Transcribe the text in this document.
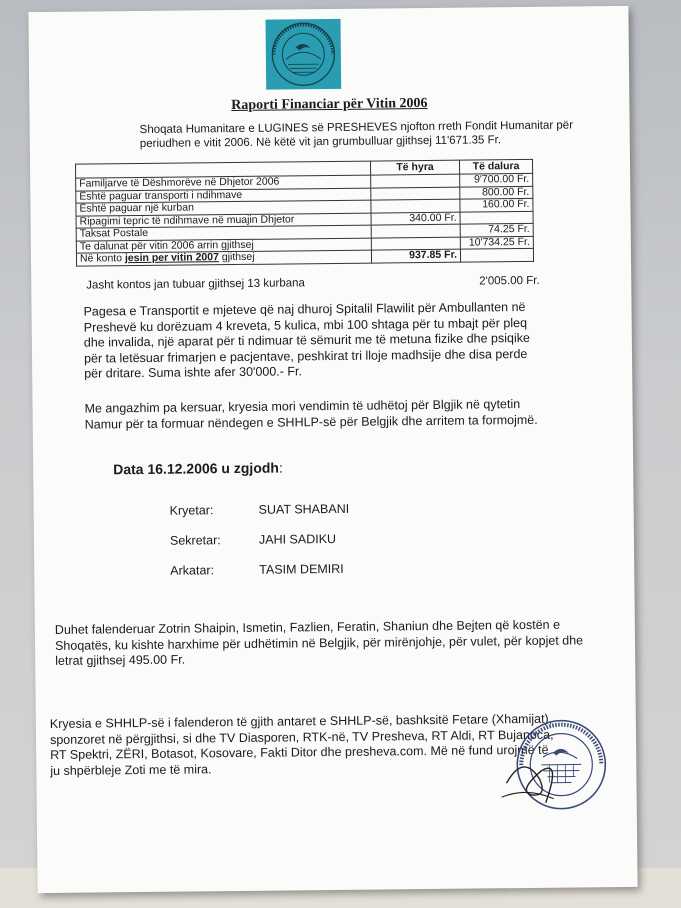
Raporti Financiar për Vitin 2006
Shoqata Humanitare e LUGINES së PRESHEVES njofton rreth Fondit Humanitar për periudhen e vitit 2006. Në këtë vit jan grumbulluar gjithsej 11'671.35 Fr.
	Të hyra	Të dalura
Familjarve të Dëshmorëve në Dhjetor 2006		9'700.00 Fr.
Është paguar transporti i ndihmave		800.00 Fr.
Është paguar një kurban		160.00 Fr.
Ripagimi tepric të ndihmave në muajin Dhjetor	340.00 Fr.	
Taksat Postale		74.25 Fr.
Te dalunat për vitin 2006 arrin gjithsej		10'734.25 Fr.
Në konto jesin per vitin 2007 gjithsej	937.85 Fr.	
Jasht kontos jan tubuar gjithsej 13 kurbana	2'005.00 Fr.
Pagesa e Transportit e mjeteve që naj dhuroj Spitalil Flawilit për Ambullanten në Preshevë ku dorëzuam 4 kreveta, 5 kulica, mbi 100 shtaga për tu mbajt për pleq dhe invalida, një aparat për ti ndimuar të sëmurit me të metuna fizike dhe psiqike për ta letësuar frimarjen e pacjentave, peshkirat tri lloje madhsije dhe disa perde për dritare. Suma ishte afer 30'000.- Fr.
Me angazhim pa kersuar, kryesia mori vendimin të udhëtoj për Blgjik në qytetin Namur për ta formuar nëndegen e SHHLP-së për Belgjik dhe arritem ta formojmë.
Data 16.12.2006 u zgjodh:
Kryetar:	SUAT SHABANI
Sekretar:	JAHI SADIKU
Arkatar:	TASIM DEMIRI
Duhet falenderuar Zotrin Shaipin, Ismetin, Fazlien, Feratin, Shaniun dhe Bejten që kostën e Shoqatës, ku kishte harxhime për udhëtimin në Belgjik, për mirënjohje, për vulet, për kopjet dhe letrat gjithsej 495.00 Fr.
Kryesia e SHHLP-së i falenderon të gjith antaret e SHHLP-së, bashksitë Fetare (Xhamijat), sponzoret në përgjithsi, si dhe TV Diasporen, RTK-në, TV Presheva, RT Aldi, RT Bujanoca, RT Spektri, ZËRI, Botasot, Kosovare, Fakti Ditor dhe presheva.com. Më në fund urojmë të ju shpërbleje Zoti me të mira.
